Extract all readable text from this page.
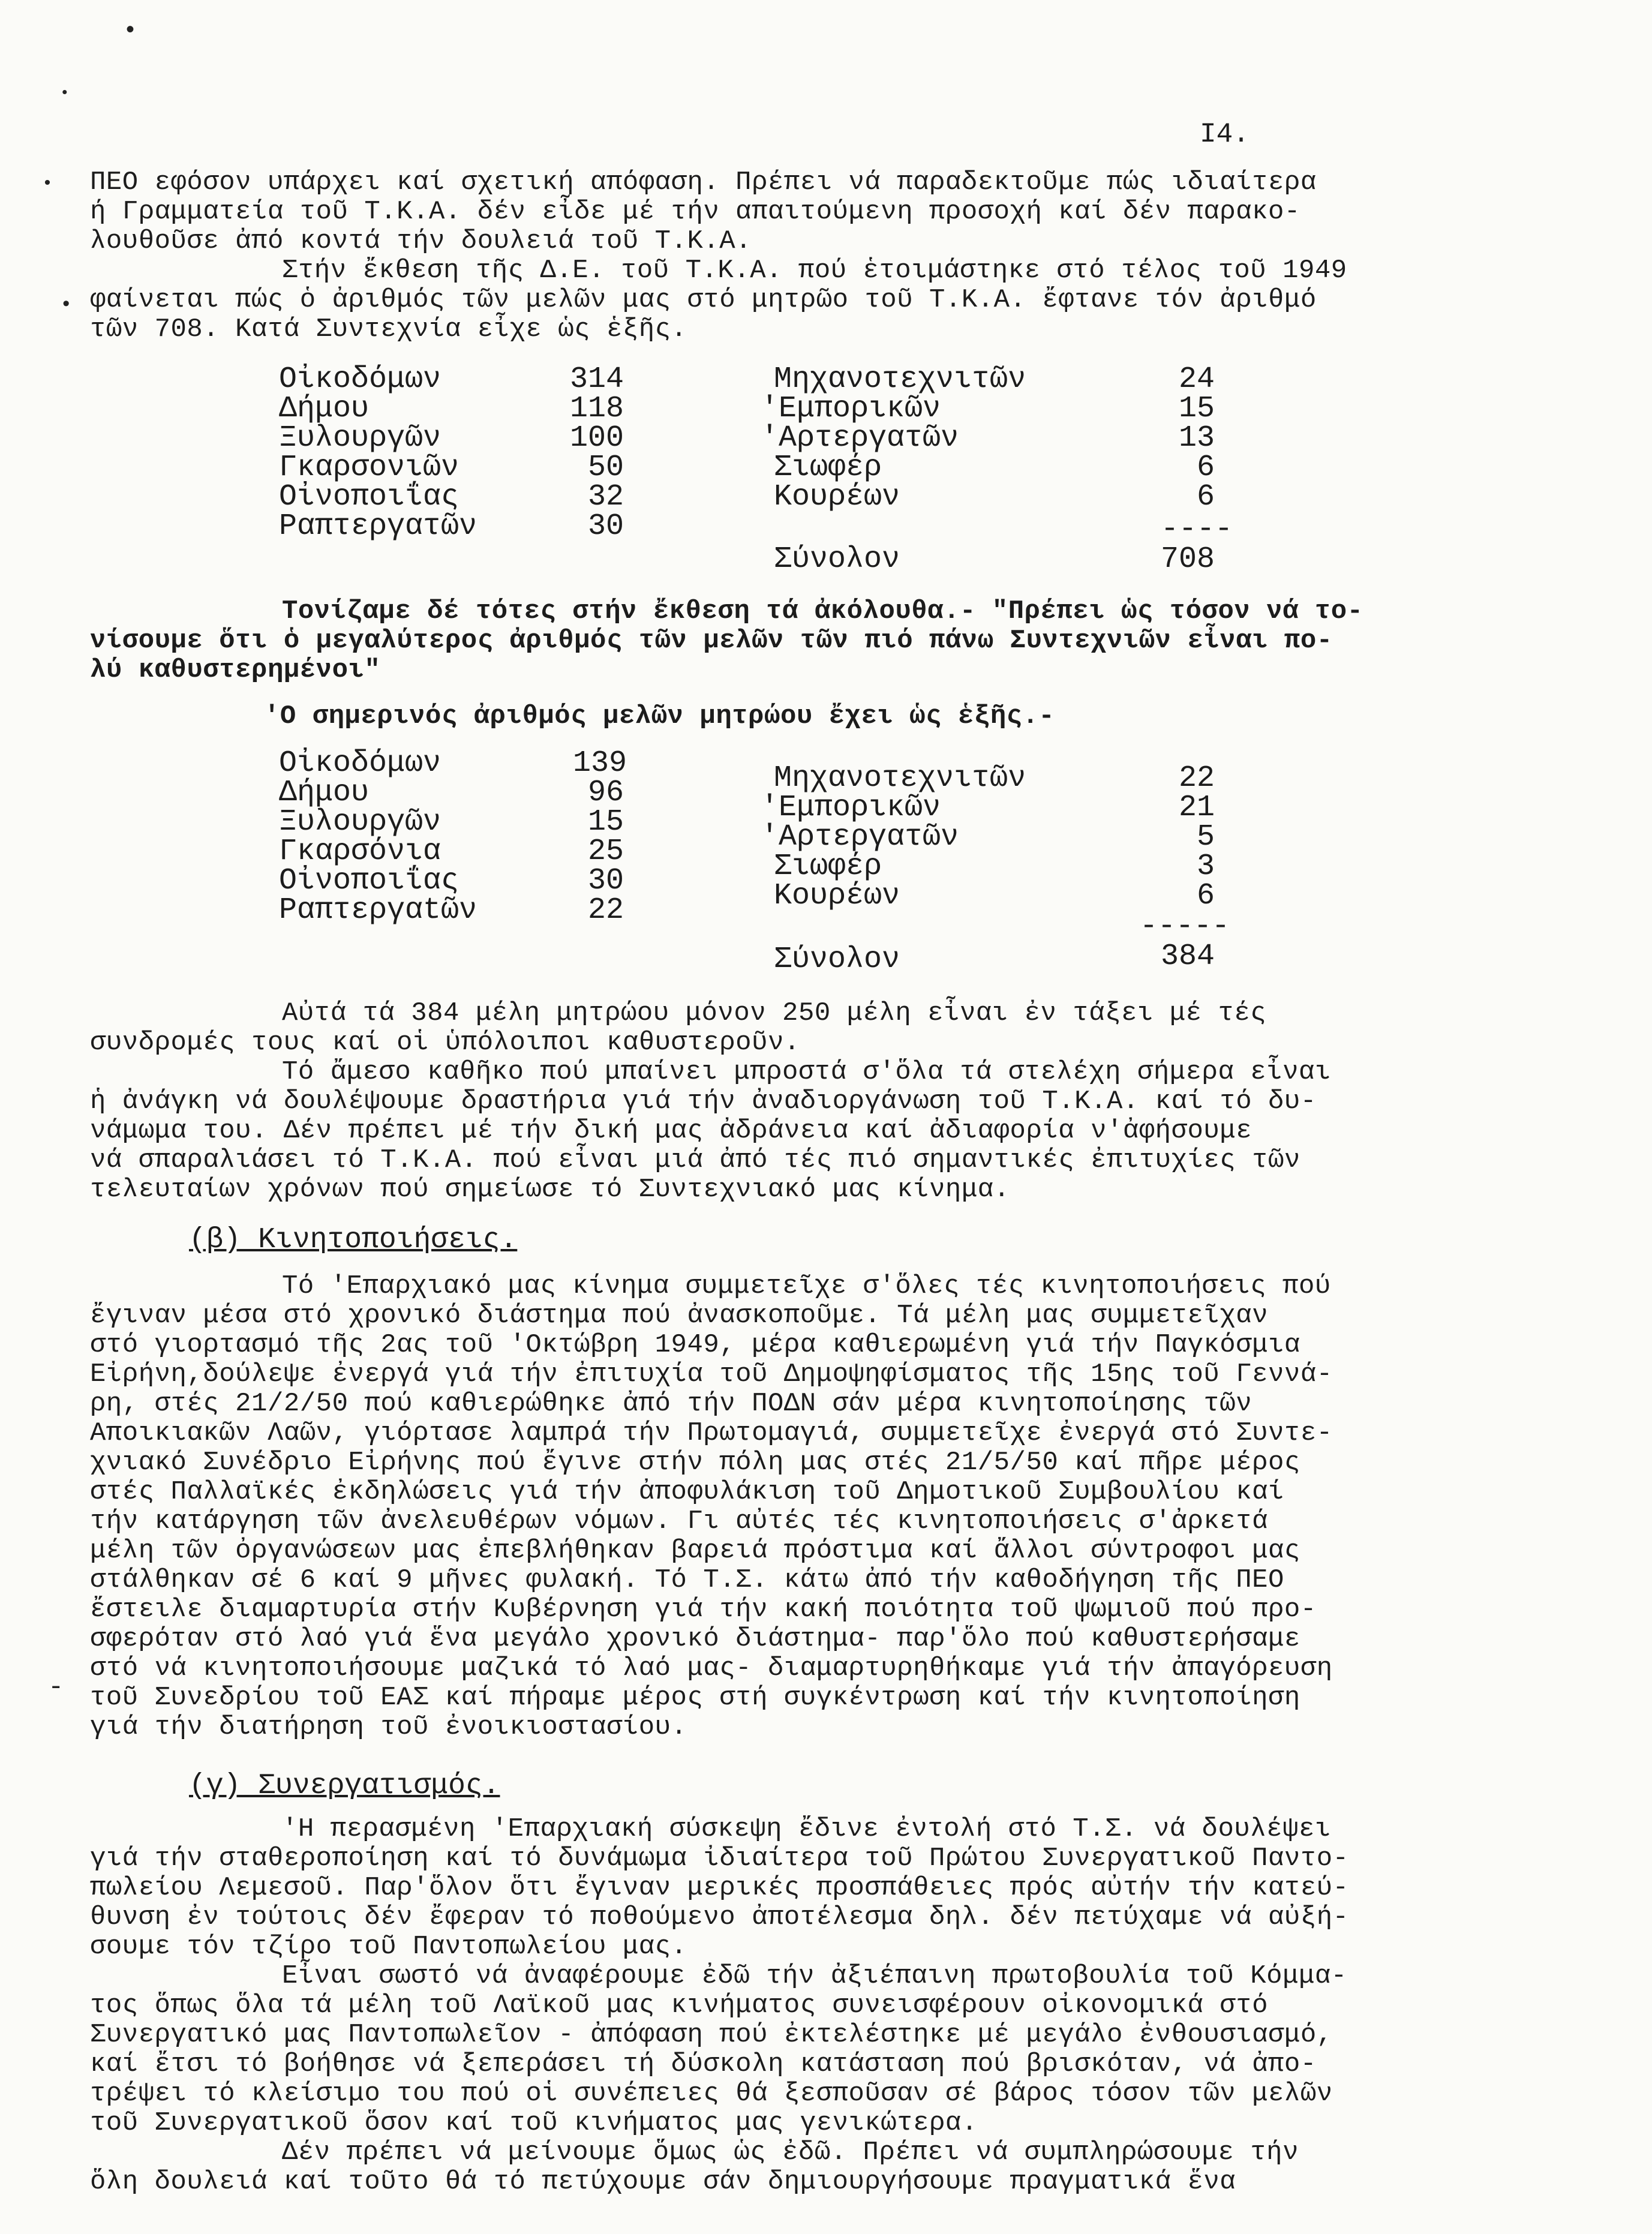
•
•
•
•
-
I4.
ΠΕΟ εφόσον υπάρχει καί σχετική απόφαση. Πρέπει νά παραδεκτοῦμε πώς ιδιαίτερα
ή Γραμματεία τοῦ Τ.Κ.Α. δέν εἶδε μέ τήν απαιτούμενη προσοχή καί δέν παρακο-
λουθοῦσε ἀπό κοντά τήν δουλειά τοῦ Τ.Κ.Α.
Στήν ἔκθεση τῆς Δ.Ε. τοῦ Τ.Κ.Α. πού ἑτοιμάστηκε στό τέλος τοῦ 1949
φαίνεται πώς ὁ ἀριθμός τῶν μελῶν μας στό μητρῶο τοῦ Τ.Κ.Α. ἔφτανε τόν ἀριθμό
τῶν 708. Κατά Συντεχνία εἶχε ὡς ἑξῆς.
Οἰκοδόμων	314
Δήμου	118
Ξυλουργῶν	100
Γκαρσονιῶν	50
Οἰνοποιΐας	32
Ραπτεργατῶν	30
Μηχανοτεχνιτῶν	24
'Εμπορικῶν	15
'Αρτεργατῶν	13
Σιωφέρ	6
Κουρέων	6
----
Σύνολον	708
Τονίζαμε δέ τότες στήν ἔκθεση τά ἀκόλουθα.- "Πρέπει ὡς τόσον νά το-
νίσουμε ὅτι ὁ μεγαλύτερος ἀριθμός τῶν μελῶν τῶν πιό πάνω Συντεχνιῶν εἶναι πο-
λύ καθυστερημένοι"
'Ο σημερινός ἀριθμός μελῶν μητρώου ἔχει ὡς ἑξῆς.-
Οἰκοδόμων	139
Δήμου	96
Ξυλουργῶν	15
Γκαρσόνια	25
Οἰνοποιΐας	30
Ραπτεργαtῶν	22
Μηχανοτεχνιτῶν	22
'Εμπορικῶν	21
'Αρτεργατῶν	5
Σιωφέρ	3
Κουρέων	6
-----
Σύνολον	384
Αὐτά τά 384 μέλη μητρώου μόνον 250 μέλη εἶναι ἐν τάξει μέ τές
συνδρομές τους καί οἱ ὑπόλοιποι καθυστεροῦν.
Τό ἄμεσο καθῆκο πού μπαίνει μπροστά σ'ὅλα τά στελέχη σήμερα εἶναι
ἡ ἀνάγκη νά δουλέψουμε δραστήρια γιά τήν ἀναδιοργάνωση τοῦ Τ.Κ.Α. καί τό δυ-
νάμωμα του. Δέν πρέπει μέ τήν δική μας ἀδράνεια καί ἀδιαφορία ν'ἀφήσουμε
νά σπαραλιάσει τό Τ.Κ.Α. πού εἶναι μιά ἀπό τές πιό σημαντικές ἐπιτυχίες τῶν
τελευταίων χρόνων πού σημείωσε τό Συντεχνιακό μας κίνημα.
(β) Κινητοποιήσεις.
Τό 'Επαρχιακό μας κίνημα συμμετεῖχε σ'ὅλες τές κινητοποιήσεις πού
ἔγιναν μέσα στό χρονικό διάστημα πού ἀνασκοποῦμε. Τά μέλη μας συμμετεῖχαν
στό γιορτασμό τῆς 2ας τοῦ 'Οκτώβρη 1949, μέρα καθιερωμένη γιά τήν Παγκόσμια
Εἰρήνη,δούλεψε ἐνεργά γιά τήν ἐπιτυχία τοῦ Δημοψηφίσματος τῆς 15ης τοῦ Γεννά-
ρη, στές 21/2/50 πού καθιερώθηκε ἀπό τήν ΠΟΔΝ σάν μέρα κινητοποίησης τῶν
Αποικιακῶν Λαῶν, γιόρτασε λαμπρά τήν Πρωτομαγιά, συμμετεῖχε ἐνεργά στό Συντε-
χνιακό Συνέδριο Εἰρήνης πού ἔγινε στήν πόλη μας στές 21/5/50 καί πῆρε μέρος
στές Παλλαϊκές ἐκδηλώσεις γιά τήν ἀποφυλάκιση τοῦ Δημοτικοῦ Συμβουλίου καί
τήν κατάργηση τῶν ἀνελευθέρων νόμων. Γι αὐτές τές κινητοποιήσεις σ'ἀρκετά
μέλη τῶν ὀργανώσεων μας ἐπεβλήθηκαν βαρειά πρόστιμα καί ἄλλοι σύντροφοι μας
στάλθηκαν σέ 6 καί 9 μῆνες φυλακή. Τό Τ.Σ. κάτω ἀπό τήν καθοδήγηση τῆς ΠΕΟ
ἔστειλε διαμαρτυρία στήν Κυβέρνηση γιά τήν κακή ποιότητα τοῦ ψωμιοῦ πού προ-
σφερόταν στό λαό γιά ἕνα μεγάλο χρονικό διάστημα- παρ'ὅλο πού καθυστερήσαμε
στό νά κινητοποιήσουμε μαζικά τό λαό μας- διαμαρτυρηθήκαμε γιά τήν ἀπαγόρευση
τοῦ Συνεδρίου τοῦ ΕΑΣ καί πήραμε μέρος στή συγκέντρωση καί τήν κινητοποίηση
γιά τήν διατήρηση τοῦ ἐνοικιοστασίου.
(γ) Συνεργατισμός.
'Η περασμένη 'Επαρχιακή σύσκεψη ἔδινε ἐντολή στό Τ.Σ. νά δουλέψει
γιά τήν σταθεροποίηση καί τό δυνάμωμα ἰδιαίτερα τοῦ Πρώτου Συνεργατικοῦ Παντο-
πωλείου Λεμεσοῦ. Παρ'ὅλον ὅτι ἔγιναν μερικές προσπάθειες πρός αὐτήν τήν κατεύ-
θυνση ἐν τούτοις δέν ἔφεραν τό ποθούμενο ἀποτέλεσμα δηλ. δέν πετύχαμε νά αὐξή-
σουμε τόν τζίρο τοῦ Παντοπωλείου μας.
Εἶναι σωστό νά ἀναφέρουμε ἐδῶ τήν ἀξιέπαινη πρωτοβουλία τοῦ Κόμμα-
τος ὅπως ὅλα τά μέλη τοῦ Λαϊκοῦ μας κινήματος συνεισφέρουν οἰκονομικά στό
Συνεργατικό μας Παντοπωλεῖον - ἀπόφαση πού ἐκτελέστηκε μέ μεγάλο ἐνθουσιασμό,
καί ἔτσι τό βοήθησε νά ξεπεράσει τή δύσκολη κατάσταση πού βρισκόταν, νά ἀπο-
τρέψει τό κλείσιμο του πού οἱ συνέπειες θά ξεσποῦσαν σέ βάρος τόσον τῶν μελῶν
τοῦ Συνεργατικοῦ ὅσον καί τοῦ κινήματος μας γενικώτερα.
Δέν πρέπει νά μείνουμε ὅμως ὡς ἐδῶ. Πρέπει νά συμπληρώσουμε τήν
ὅλη δουλειά καί τοῦτο θά τό πετύχουμε σάν δημιουργήσουμε πραγματικά ἕνα
